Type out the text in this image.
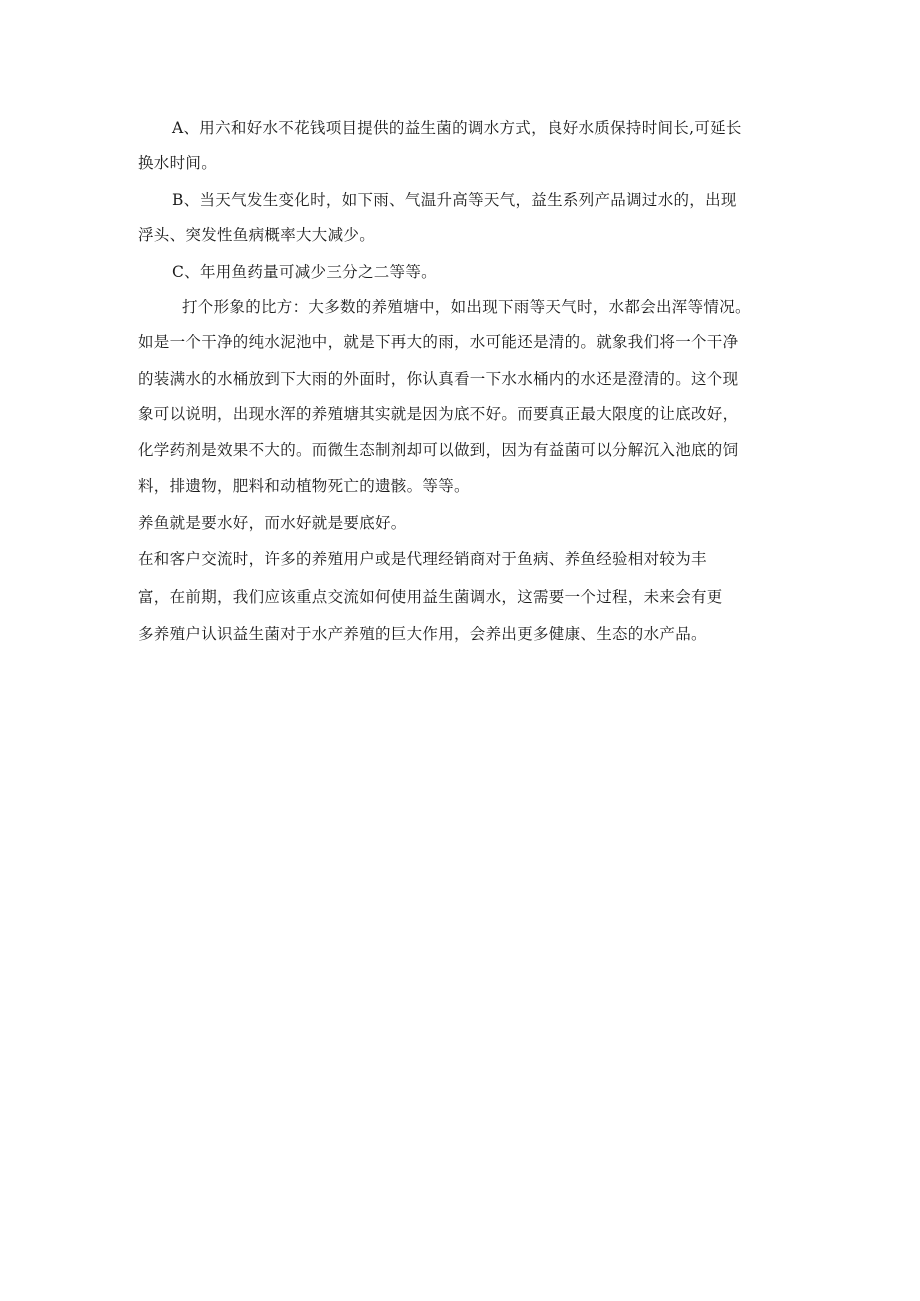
A、用六和好水不花钱项目提供的益生菌的调水方式，良好水质保持时间长,可延长
换水时间。
B、当天气发生变化时，如下雨、气温升高等天气，益生系列产品调过水的，出现
浮头、突发性鱼病概率大大减少。
C、年用鱼药量可减少三分之二等等。
打个形象的比方：大多数的养殖塘中，如出现下雨等天气时，水都会出浑等情况。
如是一个干净的纯水泥池中，就是下再大的雨，水可能还是清的。就象我们将一个干净
的装满水的水桶放到下大雨的外面时，你认真看一下水水桶内的水还是澄清的。这个现
象可以说明，出现水浑的养殖塘其实就是因为底不好。而要真正最大限度的让底改好，
化学药剂是效果不大的。而微生态制剂却可以做到，因为有益菌可以分解沉入池底的饲
料，排遗物，肥料和动植物死亡的遗骸。等等。
养鱼就是要水好，而水好就是要底好。
在和客户交流时，许多的养殖用户或是代理经销商对于鱼病、养鱼经验相对较为丰
富，在前期，我们应该重点交流如何使用益生菌调水，这需要一个过程，未来会有更
多养殖户认识益生菌对于水产养殖的巨大作用，会养出更多健康、生态的水产品。
